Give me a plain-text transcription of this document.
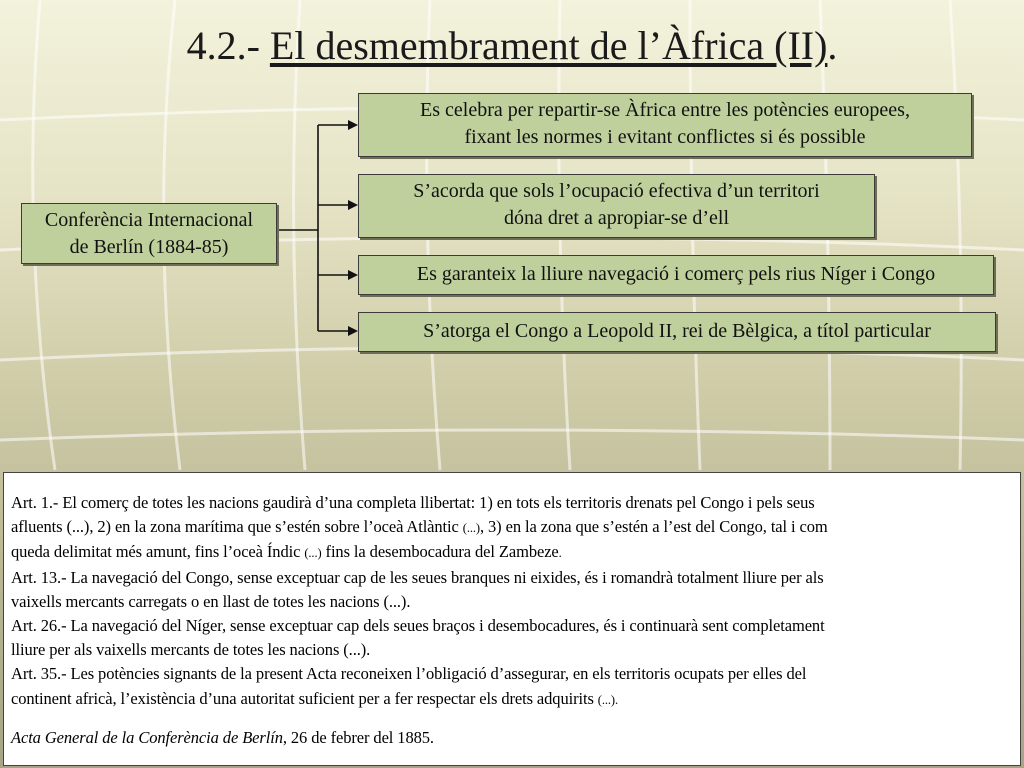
4.2.- El desmembrament de l’Àfrica (II).
Conferència Internacional
de Berlín (1884-85)
Es celebra per repartir-se Àfrica entre les potències europees,
fixant les normes i evitant conflictes si és possible
S’acorda que sols l’ocupació efectiva d’un territori
dóna dret a apropiar-se d’ell
Es garanteix la lliure navegació i comerç pels rius Níger i Congo
S’atorga el Congo a Leopold II, rei de Bèlgica, a títol particular

Art. 1.- El comerç de totes les nacions gaudirà d’una completa llibertat: 1) en tots els territoris drenats pel Congo i pels seus

afluents (...), 2) en la zona marítima que s’estén sobre l’oceà Atlàntic (...), 3) en la zona que s’estén a l’est del Congo, tal i com

queda delimitat més amunt, fins l’oceà Índic (...) fins la desembocadura del Zambeze.

Art. 13.- La navegació del Congo, sense exceptuar cap de les seues branques ni eixides, és i romandrà totalment lliure per als

vaixells mercants carregats o en llast de totes les nacions (...).

Art. 26.- La navegació del Níger, sense exceptuar cap dels seues braços i desembocadures, és i continuarà sent completament

lliure per als vaixells mercants de totes les nacions (...).

Art. 35.- Les potències signants de la present Acta reconeixen l’obligació d’assegurar, en els territoris ocupats per elles del

continent africà, l’existència d’una autoritat suficient per a fer respectar els drets adquirits (...).

Acta General de la Conferència de Berlín, 26 de febrer del 1885.
